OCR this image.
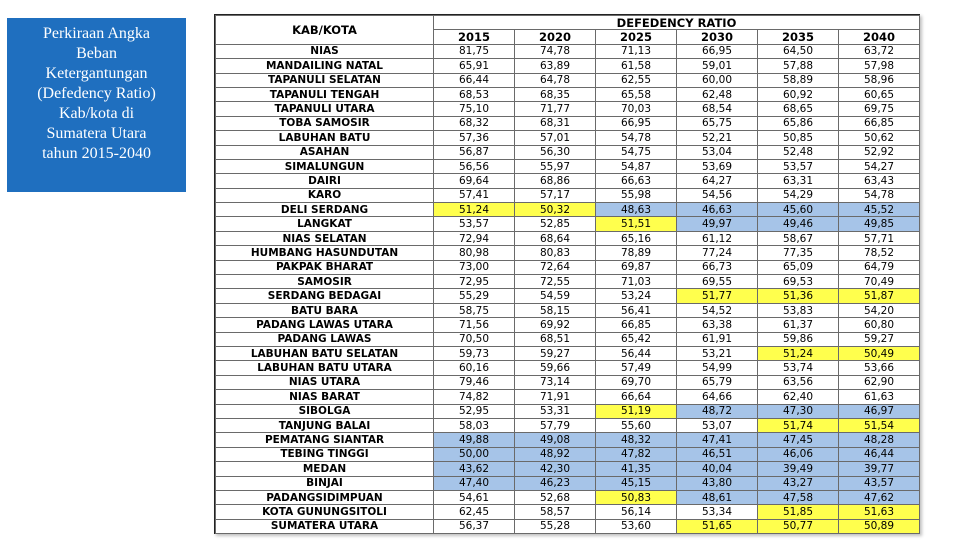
Perkiraan Angka
Beban
Ketergantungan
(Defedency Ratio)
Kab/kota di
Sumatera Utara
tahun 2015-2040
KAB/KOTA	DEFEDENCY RATIO					
	2015	2020	2025	2030	2035	2040
NIAS	81,75	74,78	71,13	66,95	64,50	63,72
MANDAILING NATAL	65,91	63,89	61,58	59,01	57,88	57,98
TAPANULI SELATAN	66,44	64,78	62,55	60,00	58,89	58,96
TAPANULI TENGAH	68,53	68,35	65,58	62,48	60,92	60,65
TAPANULI UTARA	75,10	71,77	70,03	68,54	68,65	69,75
TOBA SAMOSIR	68,32	68,31	66,95	65,75	65,86	66,85
LABUHAN BATU	57,36	57,01	54,78	52,21	50,85	50,62
ASAHAN	56,87	56,30	54,75	53,04	52,48	52,92
SIMALUNGUN	56,56	55,97	54,87	53,69	53,57	54,27
DAIRI	69,64	68,86	66,63	64,27	63,31	63,43
KARO	57,41	57,17	55,98	54,56	54,29	54,78
DELI SERDANG	51,24	50,32	48,63	46,63	45,60	45,52
LANGKAT	53,57	52,85	51,51	49,97	49,46	49,85
NIAS SELATAN	72,94	68,64	65,16	61,12	58,67	57,71
HUMBANG HASUNDUTAN	80,98	80,83	78,89	77,24	77,35	78,52
PAKPAK BHARAT	73,00	72,64	69,87	66,73	65,09	64,79
SAMOSIR	72,95	72,55	71,03	69,55	69,53	70,49
SERDANG BEDAGAI	55,29	54,59	53,24	51,77	51,36	51,87
BATU BARA	58,75	58,15	56,41	54,52	53,83	54,20
PADANG LAWAS UTARA	71,56	69,92	66,85	63,38	61,37	60,80
PADANG LAWAS	70,50	68,51	65,42	61,91	59,86	59,27
LABUHAN BATU SELATAN	59,73	59,27	56,44	53,21	51,24	50,49
LABUHAN BATU UTARA	60,16	59,66	57,49	54,99	53,74	53,66
NIAS UTARA	79,46	73,14	69,70	65,79	63,56	62,90
NIAS BARAT	74,82	71,91	66,64	64,66	62,40	61,63
SIBOLGA	52,95	53,31	51,19	48,72	47,30	46,97
TANJUNG BALAI	58,03	57,79	55,60	53,07	51,74	51,54
PEMATANG SIANTAR	49,88	49,08	48,32	47,41	47,45	48,28
TEBING TINGGI	50,00	48,92	47,82	46,51	46,06	46,44
MEDAN	43,62	42,30	41,35	40,04	39,49	39,77
BINJAI	47,40	46,23	45,15	43,80	43,27	43,57
PADANGSIDIMPUAN	54,61	52,68	50,83	48,61	47,58	47,62
KOTA GUNUNGSITOLI	62,45	58,57	56,14	53,34	51,85	51,63
SUMATERA UTARA	56,37	55,28	53,60	51,65	50,77	50,89
